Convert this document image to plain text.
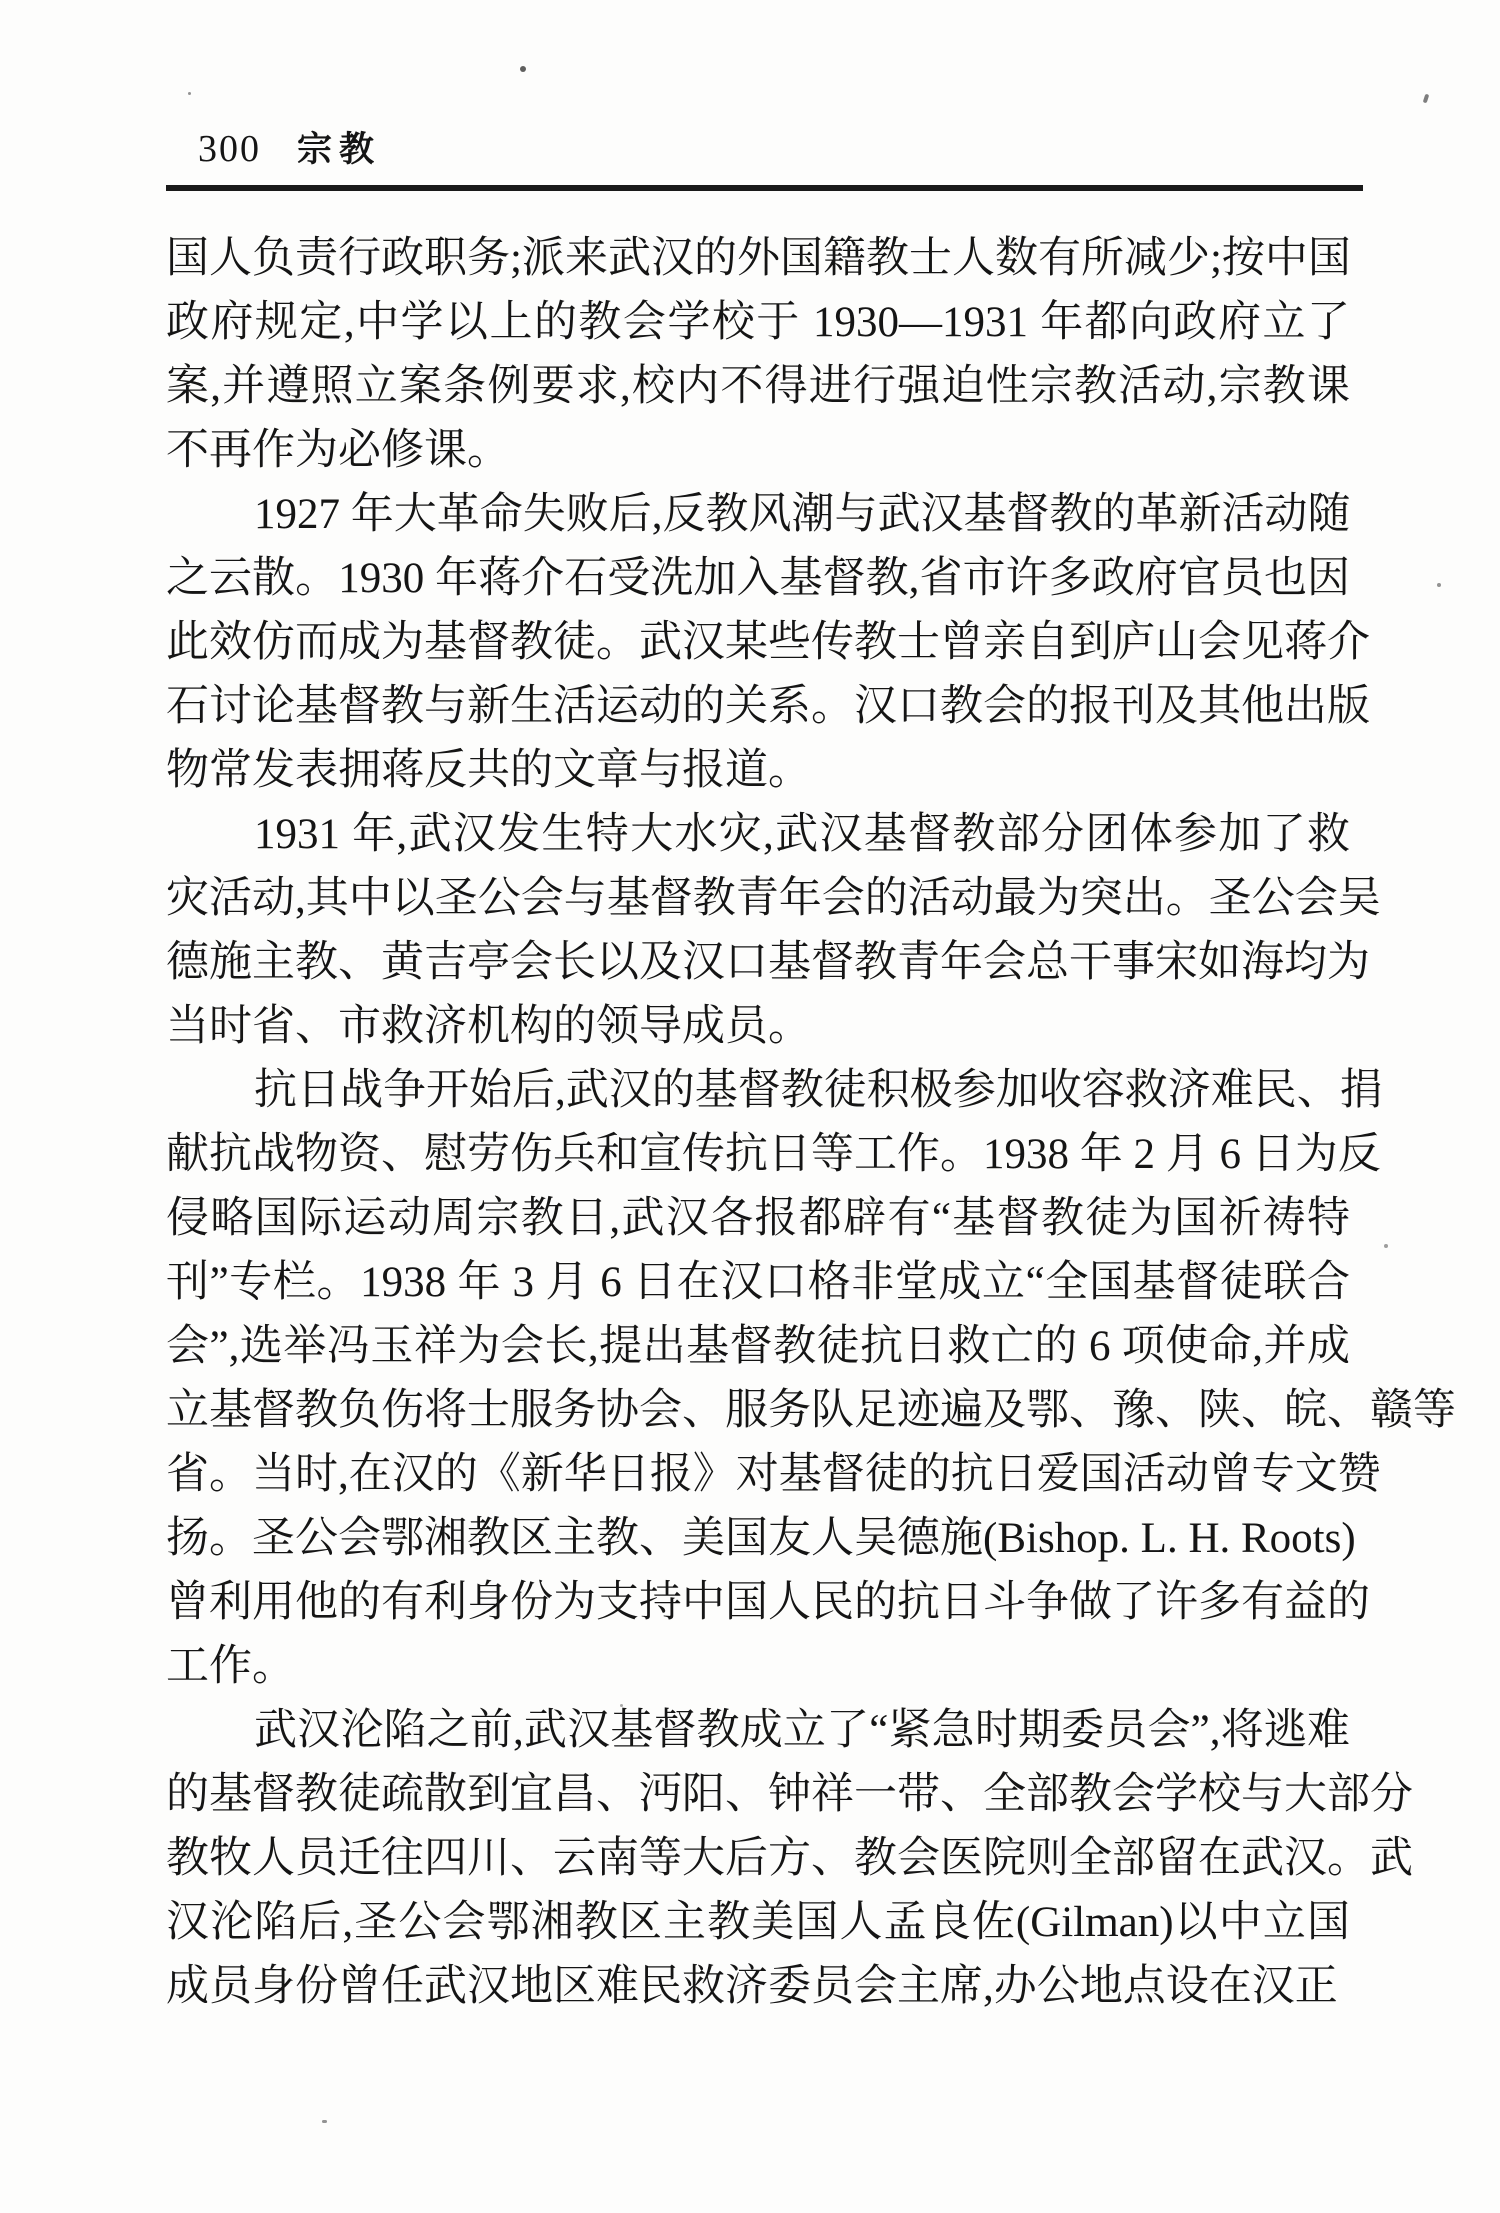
300 宗教
国人负责行政职务;派来武汉的外国籍教士人数有所减少;按中国
政府规定,中学以上的教会学校于 1930—1931 年都向政府立了
案,并遵照立案条例要求,校内不得进行强迫性宗教活动,宗教课
不再作为必修课。
1927 年大革命失败后,反教风潮与武汉基督教的革新活动随
之云散。1930 年蒋介石受洗加入基督教,省市许多政府官员也因
此效仿而成为基督教徒。武汉某些传教士曾亲自到庐山会见蒋介
石讨论基督教与新生活运动的关系。汉口教会的报刊及其他出版
物常发表拥蒋反共的文章与报道。
1931 年,武汉发生特大水灾,武汉基督教部分团体参加了救
灾活动,其中以圣公会与基督教青年会的活动最为突出。圣公会吴
德施主教、黄吉亭会长以及汉口基督教青年会总干事宋如海均为
当时省、市救济机构的领导成员。
抗日战争开始后,武汉的基督教徒积极参加收容救济难民、捐
献抗战物资、慰劳伤兵和宣传抗日等工作。1938 年 2 月 6 日为反
侵略国际运动周宗教日,武汉各报都辟有“基督教徒为国祈祷特
刊”专栏。1938 年 3 月 6 日在汉口格非堂成立“全国基督徒联合
会”,选举冯玉祥为会长,提出基督教徒抗日救亡的 6 项使命,并成
立基督教负伤将士服务协会、服务队足迹遍及鄂、豫、陕、皖、赣等
省。当时,在汉的《新华日报》对基督徒的抗日爱国活动曾专文赞
扬。圣公会鄂湘教区主教、美国友人吴德施(Bishop. L. H. Roots)
曾利用他的有利身份为支持中国人民的抗日斗争做了许多有益的
工作。
武汉沦陷之前,武汉基督教成立了“紧急时期委员会”,将逃难
的基督教徒疏散到宜昌、沔阳、钟祥一带、全部教会学校与大部分
教牧人员迁往四川、云南等大后方、教会医院则全部留在武汉。武
汉沦陷后,圣公会鄂湘教区主教美国人孟良佐(Gilman)以中立国
成员身份曾任武汉地区难民救济委员会主席,办公地点设在汉正
